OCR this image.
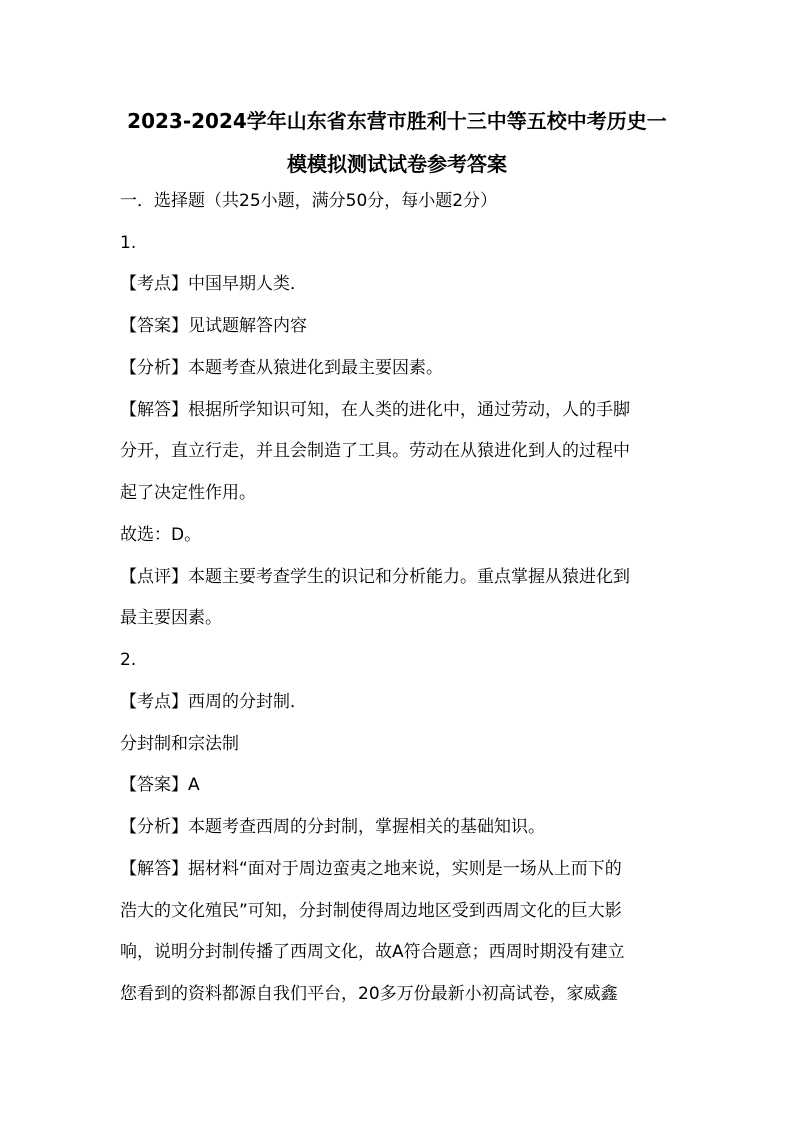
2023-2024学年山东省东营市胜利十三中等五校中考历史一
模模拟测试试卷参考答案
一．选择题（共25小题，满分50分，每小题2分）
1.
【考点】中国早期人类．
【答案】见试题解答内容
【分析】本题考查从猿进化到最主要因素。
【解答】根据所学知识可知，在人类的进化中，通过劳动，人的手脚
分开，直立行走，并且会制造了工具。劳动在从猿进化到人的过程中
起了决定性作用。
故选：D。
【点评】本题主要考查学生的识记和分析能力。重点掌握从猿进化到
最主要因素。
2.
【考点】西周的分封制．
分封制和宗法制
【答案】A
【分析】本题考查西周的分封制，掌握相关的基础知识。
【解答】据材料“面对于周边蛮夷之地来说，实则是一场从上而下的
浩大的文化殖民”可知，分封制使得周边地区受到西周文化的巨大影
响，说明分封制传播了西周文化，故A符合题意；西周时期没有建立
您看到的资料都源自我们平台，20多万份最新小初高试卷，家威鑫
